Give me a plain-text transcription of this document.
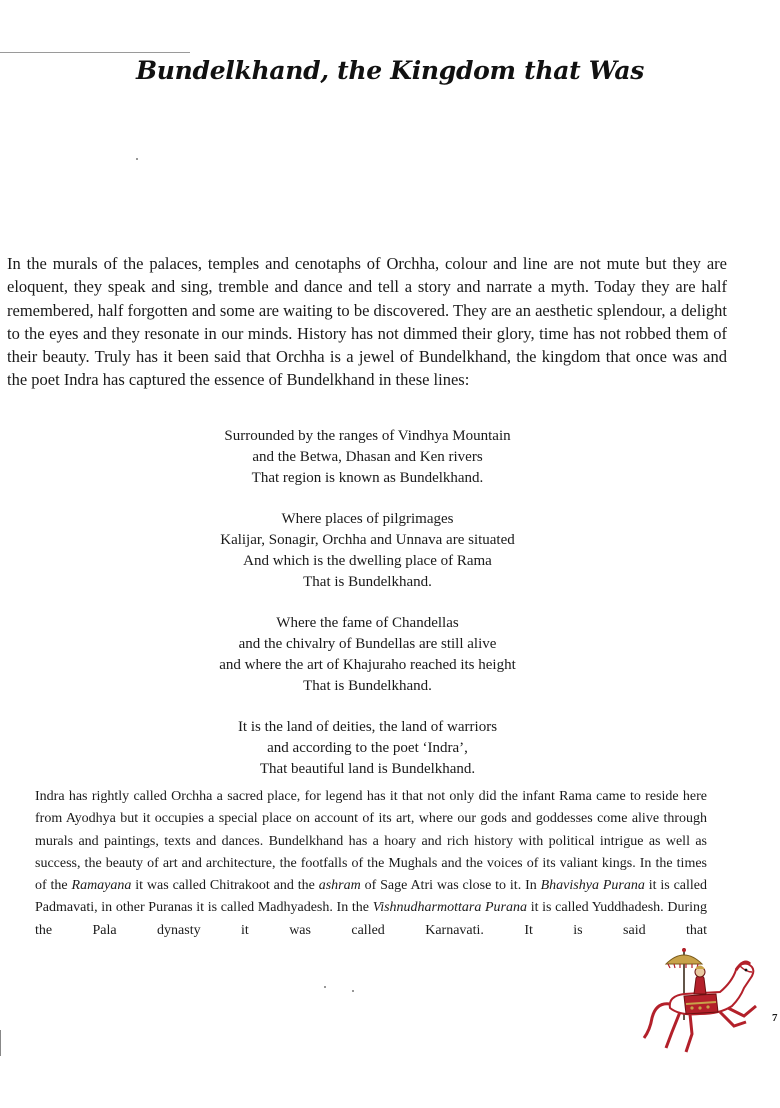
Bundelkhand, the Kingdom that Was

In the murals of the palaces, temples and cenotaphs of Orchha, colour and line are not mute but they are eloquent, they speak and sing, tremble and dance and tell a story and narrate a myth. Today they are half remembered, half forgotten and some are waiting to be discovered. They are an aesthetic splendour, a delight to the eyes and they resonate in our minds. History has not dimmed their glory, time has not robbed them of their beauty. Truly has it been said that Orchha is a jewel of Bundelkhand, the kingdom that once was and the poet Indra has captured the essence of Bundelkhand in these lines:

Surrounded by the ranges of Vindhya Mountain
and the Betwa, Dhasan and Ken rivers
That region is known as Bundelkhand.
Where places of pilgrimages
Kalijar, Sonagir, Orchha and Unnava are situated
And which is the dwelling place of Rama
That is Bundelkhand.
Where the fame of Chandellas
and the chivalry of Bundellas are still alive
and where the art of Khajuraho reached its height
That is Bundelkhand.
It is the land of deities, the land of warriors
and according to the poet ‘Indra’,
That beautiful land is Bundelkhand.

Indra has rightly called Orchha a sacred place, for legend has it that not only did the infant Rama came to reside here from Ayodhya but it occupies a special place on account of its art, where our gods and goddesses come alive through murals and paintings, texts and dances. Bundelkhand has a hoary and rich history with political intrigue as well as success, the beauty of art and architecture, the footfalls of the Mughals and the voices of its valiant kings. In the times of the Ramayana it was called Chitrakoot and the ashram of Sage Atri was close to it. In Bhavishya Purana it is called Padmavati, in other Puranas it is called Madhyadesh. In the Vishnudharmottara Purana it is called Yuddhadesh. During the Pala dynasty it was called Karnavati. It is said that

7
